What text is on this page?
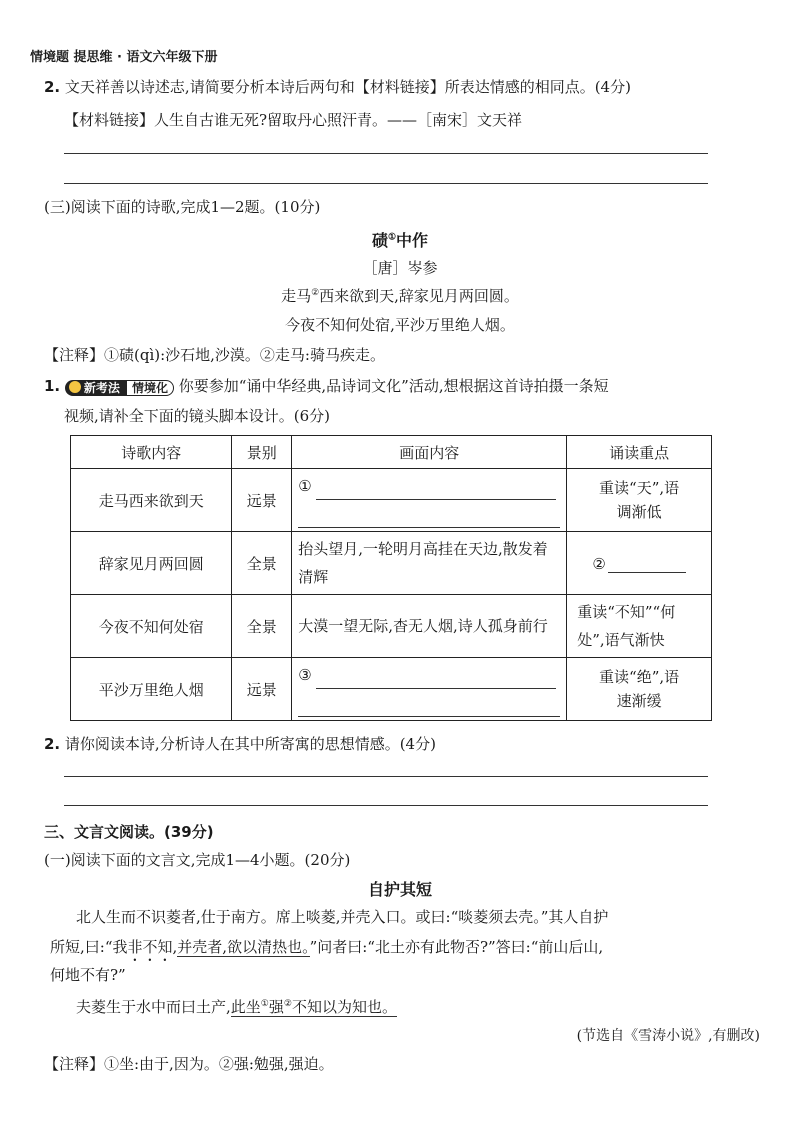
情境题 提思维 · 语文六年级下册
2. 文天祥善以诗述志,请简要分析本诗后两句和【材料链接】所表达情感的相同点。(4分)
【材料链接】人生自古谁无死?留取丹心照汗青。——［南宋］文天祥
(三)阅读下面的诗歌,完成1—2题。(10分)
碛①中作
［唐］岑参
走马②西来欲到天,辞家见月两回圆。
今夜不知何处宿,平沙万里绝人烟。
【注释】①碛(qì):沙石地,沙漠。②走马:骑马疾走。
1. 新考法 情境化 你要参加“诵中华经典,品诗词文化”活动,想根据这首诗拍摄一条短
视频,请补全下面的镜头脚本设计。(6分)
诗歌内容	景别	画面内容	诵读重点
走马西来欲到天	远景	①	重读“天”,语调渐低
辞家见月两回圆	全景	抬头望月,一轮明月高挂在天边,散发着清辉	②
今夜不知何处宿	全景	大漠一望无际,杳无人烟,诗人孤身前行	重读“不知”“何处”,语气渐快
平沙万里绝人烟	远景	③	重读“绝”,语速渐缓
2. 请你阅读本诗,分析诗人在其中所寄寓的思想情感。(4分)
三、文言文阅读。(39分)
(一)阅读下面的文言文,完成1—4小题。(20分)
自护其短
北人生而不识菱者,仕于南方。席上啖菱,并壳入口。或曰:“啖菱须去壳。”其人自护
所短,曰:“我非不知,并壳者,欲以清热也。”问者曰:“北土亦有此物否?”答曰:“前山后山,
何地不有?”
夫菱生于水中而曰土产,此坐①强②不知以为知也。
(节选自《雪涛小说》,有删改)
【注释】①坐:由于,因为。②强:勉强,强迫。
